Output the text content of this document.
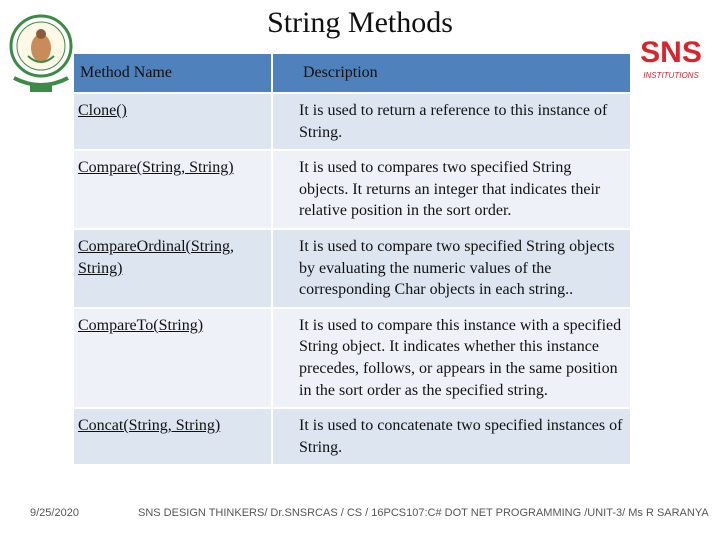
String Methods
SNS
INSTITUTIONS
Method Name	Description
Clone()	It is used to return a reference to this instance of String.
Compare(String, String)	It is used to compares two specified String objects. It returns an integer that indicates their relative position in the sort order.
CompareOrdinal(String, String)	It is used to compare two specified String objects by evaluating the numeric values of the corresponding Char objects in each string..
CompareTo(String)	It is used to compare this instance with a specified String object. It indicates whether this instance precedes, follows, or appears in the same position in the sort order as the specified string.
Concat(String, String)	It is used to concatenate two specified instances of String.
9/25/2020	SNS DESIGN THINKERS/ Dr.SNSRCAS / CS / 16PCS107:C# DOT NET PROGRAMMING /UNIT-3/ Ms R SARANYA
